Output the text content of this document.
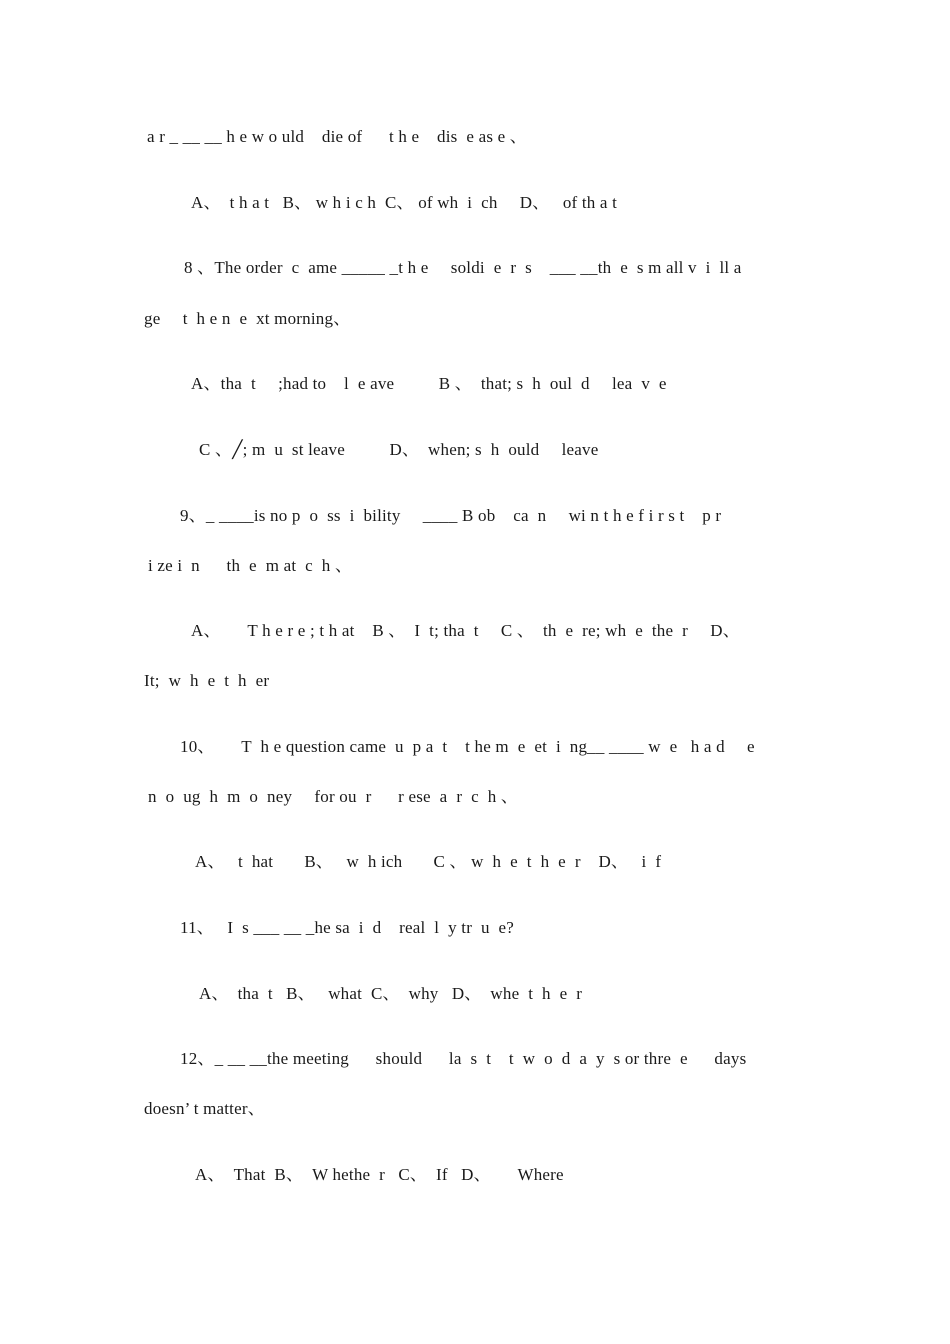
a r _ __ __ h e w o uld    die of      t h e    dis  e as e 、
A、  t h a t   B、 w h i c h  C、 of wh  i  ch     D、   of th a t
8 、The order  c  ame _____ _t h e     soldi  e  r  s    ___ __th  e  s m all v  i  ll a
ge     t  h e n  e  xt morning、
A、tha  t     ;had to    l  e ave          B 、  that; s  h  oul  d     lea  v  e
C 、╱; m  u  st leave          D、  when; s  h  ould     leave
9、_ ____is no p  o  ss  i  bility     ____ B ob    ca  n     wi n t h e f i r s t    p r
i ze i  n      th  e  m at  c  h 、
A、      T h e r e ; t h at    B 、  I  t; tha  t     C 、  th  e  re; wh  e  the  r     D、
It;  w  h  e  t  h  er
10、      T  h e question came  u  p a  t    t he m  e  et  i  ng__ ____ w  e   h a d     e
n  o  ug  h  m  o  ney     for ou  r      r ese  a  r  c  h 、
A、   t  hat       B、   w  h ich       C 、 w  h  e  t  h  e  r    D、   i  f
11、   I  s ___ __ _he sa  i  d    real  l  y tr  u  e?
A、  tha  t   B、   what  C、  why   D、  whe  t  h  e  r
12、_ __ __the meeting      should      la  s  t    t  w  o  d  a  y  s or thre  e      days
doesn’ t matter、
A、  That  B、  W hethe  r   C、  If   D、      Where
